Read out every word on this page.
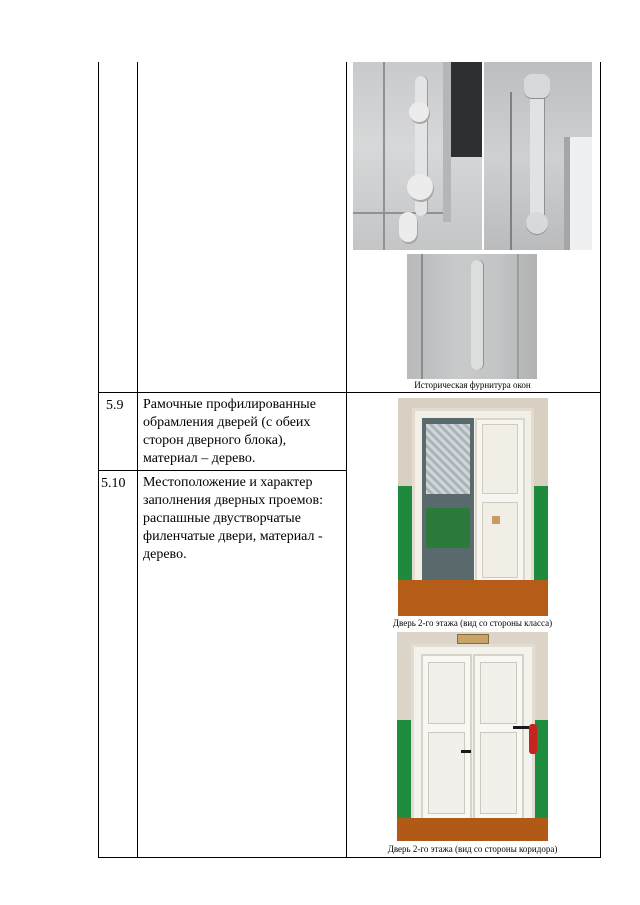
5.9 Рамочные профилированные обрамления дверей (с обеих сторон дверного блока), материал – дерево.
5.10 Местоположение и характер заполнения дверных проемов: распашные двустворчатые филенчатые двери, материал - дерево.
Историческая фурнитура окон
Дверь 2-го этажа (вид со стороны класса)
Дверь 2-го этажа (вид со стороны коридора)
